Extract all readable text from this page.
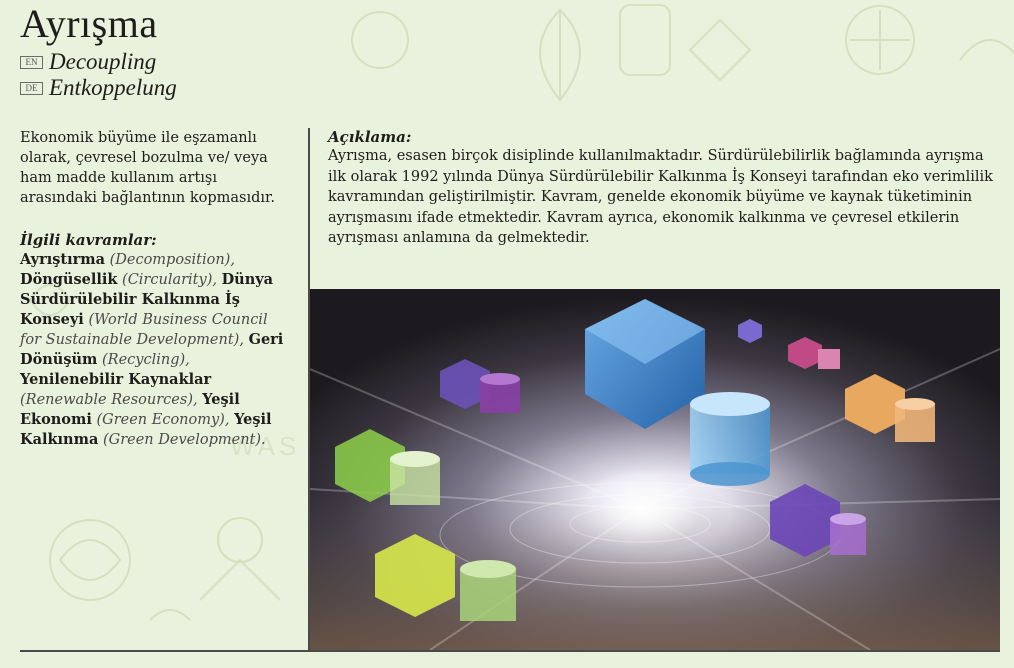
WAS
Ayrışma
EN Decoupling
DE Entkoppelung

Ekonomik büyüme ile eşzamanlı olarak, çevresel bozulma ve/ veya ham madde kullanım artışı arasındaki bağlantının kopmasıdır.

İlgili kavramlar:

Ayrıştırma (Decomposition), Döngüsellik (Circularity), Dünya Sürdürülebilir Kalkınma İş Konseyi (World Business Council for Sustainable Development), Geri Dönüşüm (Recycling), Yenilenebilir Kaynaklar (Renewable Resources), Yeşil Ekonomi (Green Economy), Yeşil Kalkınma (Green Development).

Açıklama:

Ayrışma, esasen birçok disiplinde kullanılmaktadır. Sürdürülebilirlik bağlamında ayrışma ilk olarak 1992 yılında Dünya Sürdürülebilir Kalkınma İş Konseyi tarafından eko verimlilik kavramından geliştirilmiştir. Kavram, genelde ekonomik büyüme ve kaynak tüketiminin ayrışmasını ifade etmektedir. Kavram ayrıca, ekonomik kalkınma ve çevresel etkilerin ayrışması anlamına da gelmektedir.
